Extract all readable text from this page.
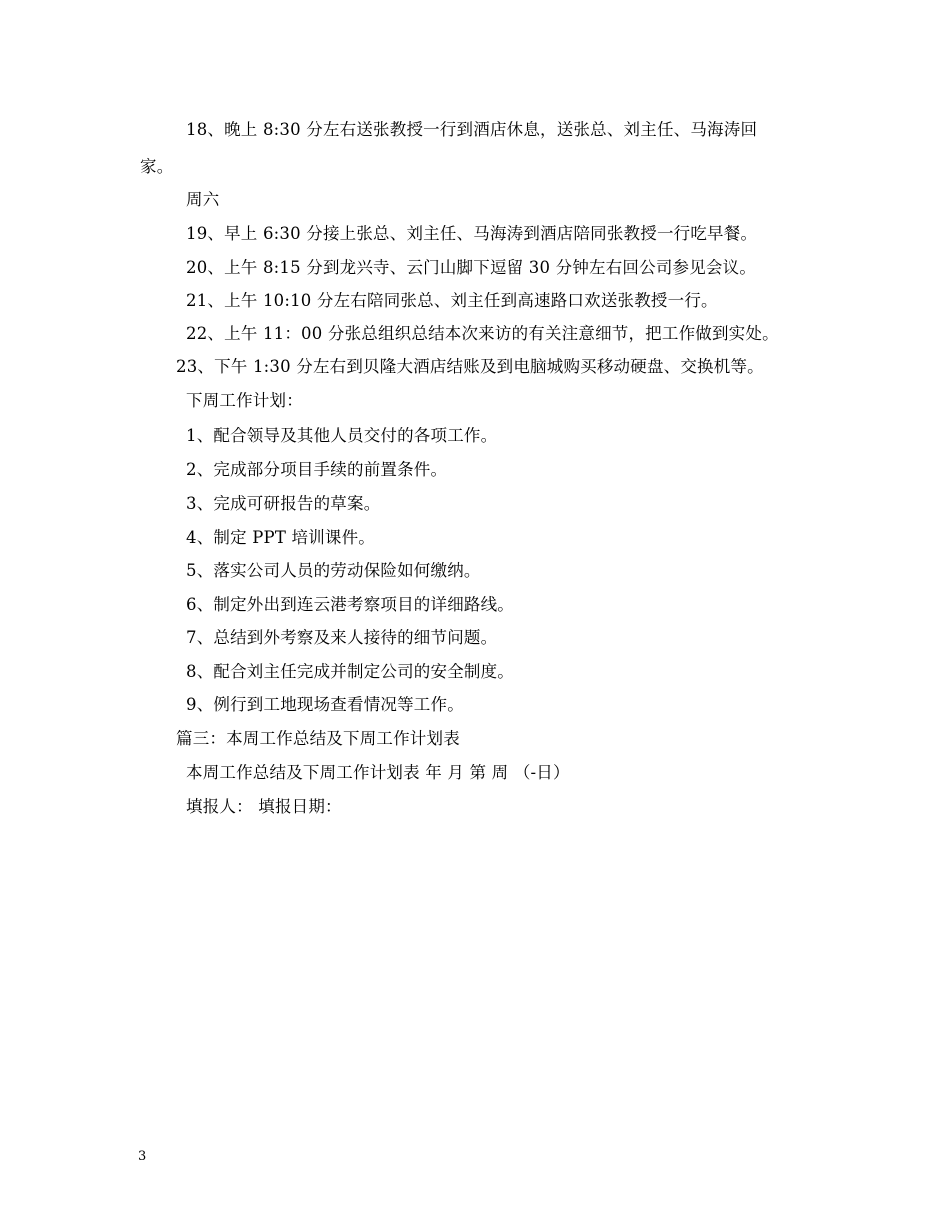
18、晚上 8:30 分左右送张教授一行到酒店休息，送张总、刘主任、马海涛回
家。
周六
19、早上 6:30 分接上张总、刘主任、马海涛到酒店陪同张教授一行吃早餐。
20、上午 8:15 分到龙兴寺、云门山脚下逗留 30 分钟左右回公司参见会议。
21、上午 10:10 分左右陪同张总、刘主任到高速路口欢送张教授一行。
22、上午 11：00 分张总组织总结本次来访的有关注意细节，把工作做到实处。
23、下午 1:30 分左右到贝隆大酒店结账及到电脑城购买移动硬盘、交换机等。
下周工作计划：
1、配合领导及其他人员交付的各项工作。
2、完成部分项目手续的前置条件。
3、完成可研报告的草案。
4、制定 PPT 培训课件。
5、落实公司人员的劳动保险如何缴纳。
6、制定外出到连云港考察项目的详细路线。
7、总结到外考察及来人接待的细节问题。
8、配合刘主任完成并制定公司的安全制度。
9、例行到工地现场查看情况等工作。
篇三：本周工作总结及下周工作计划表
本周工作总结及下周工作计划表 年 月 第 周 （-日）
填报人： 填报日期：
3
